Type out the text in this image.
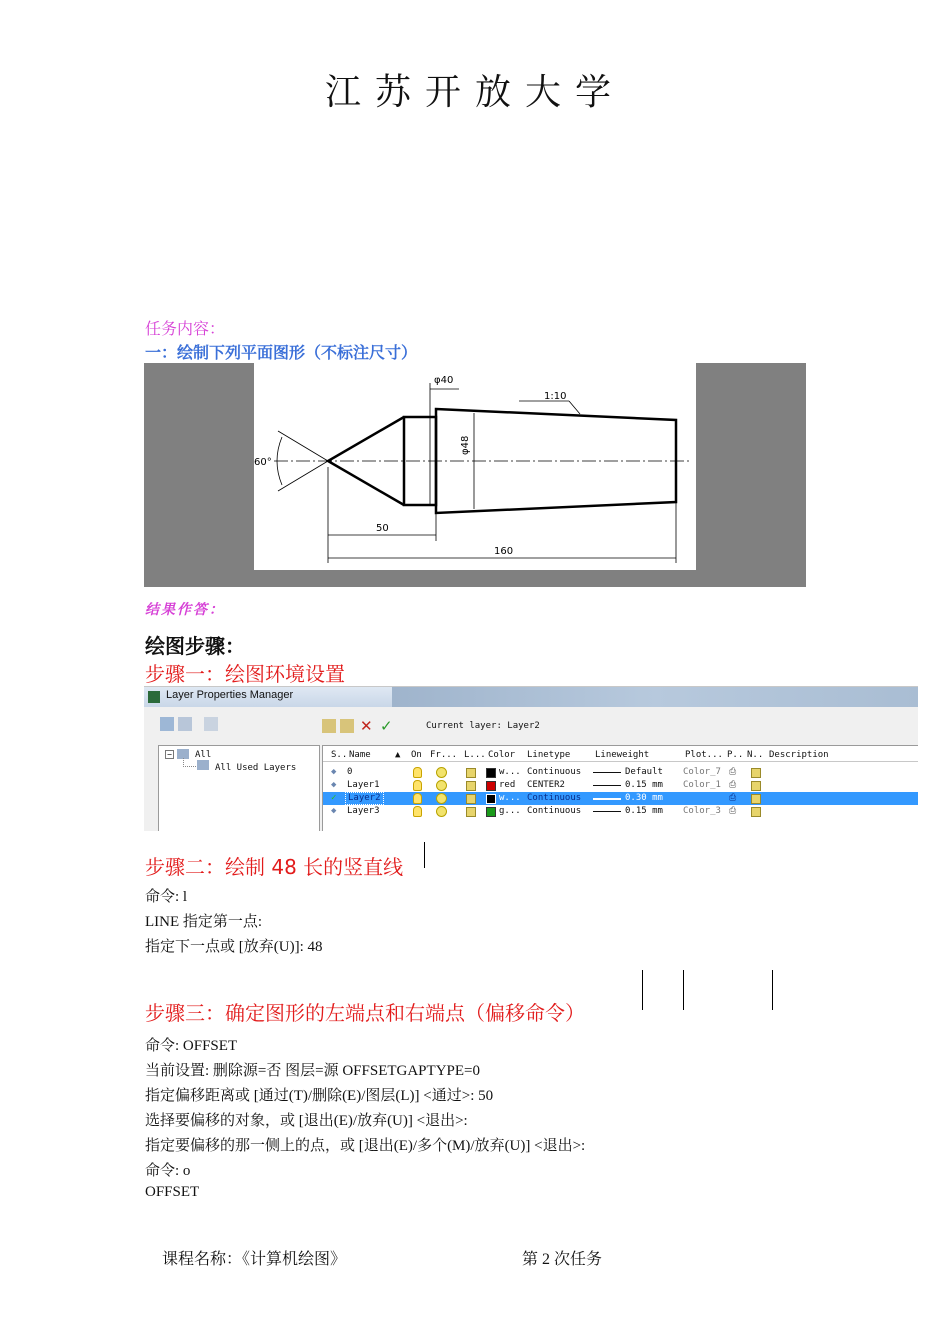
江苏开放大学
任务内容：
一：绘制下列平面图形（不标注尺寸）
60°
φ40
φ48
1:10
50
160
结果作答：
绘图步骤：
步骤一：绘图环境设置
Layer Properties Manager
✕ ✓	Current layer: Layer2
−	All
All Used Layers
S.. Name	▲ On Fr... L... Color Linetype	Lineweight	Plot... P.. N.. Description
◆ 0	w... Continuous	Default Color_7 ⎙
◆ Layer1	red CENTER2	0.15 mm Color_1 ⎙
✓	Layer2	w... Continuous	0.30 mm	⎙
◆ Layer3	g... Continuous	0.15 mm Color_3 ⎙
步骤二：绘制 48 长的竖直线
命令: l
LINE 指定第一点:
指定下一点或 [放弃(U)]: 48
步骤三：确定图形的左端点和右端点（偏移命令）
命令: OFFSET
当前设置: 删除源=否 图层=源 OFFSETGAPTYPE=0
指定偏移距离或 [通过(T)/删除(E)/图层(L)] <通过>: 50
选择要偏移的对象，或 [退出(E)/放弃(U)] <退出>:
指定要偏移的那一侧上的点，或 [退出(E)/多个(M)/放弃(U)] <退出>:
命令: o
OFFSET
课程名称：《计算机绘图》	第 2 次任务
